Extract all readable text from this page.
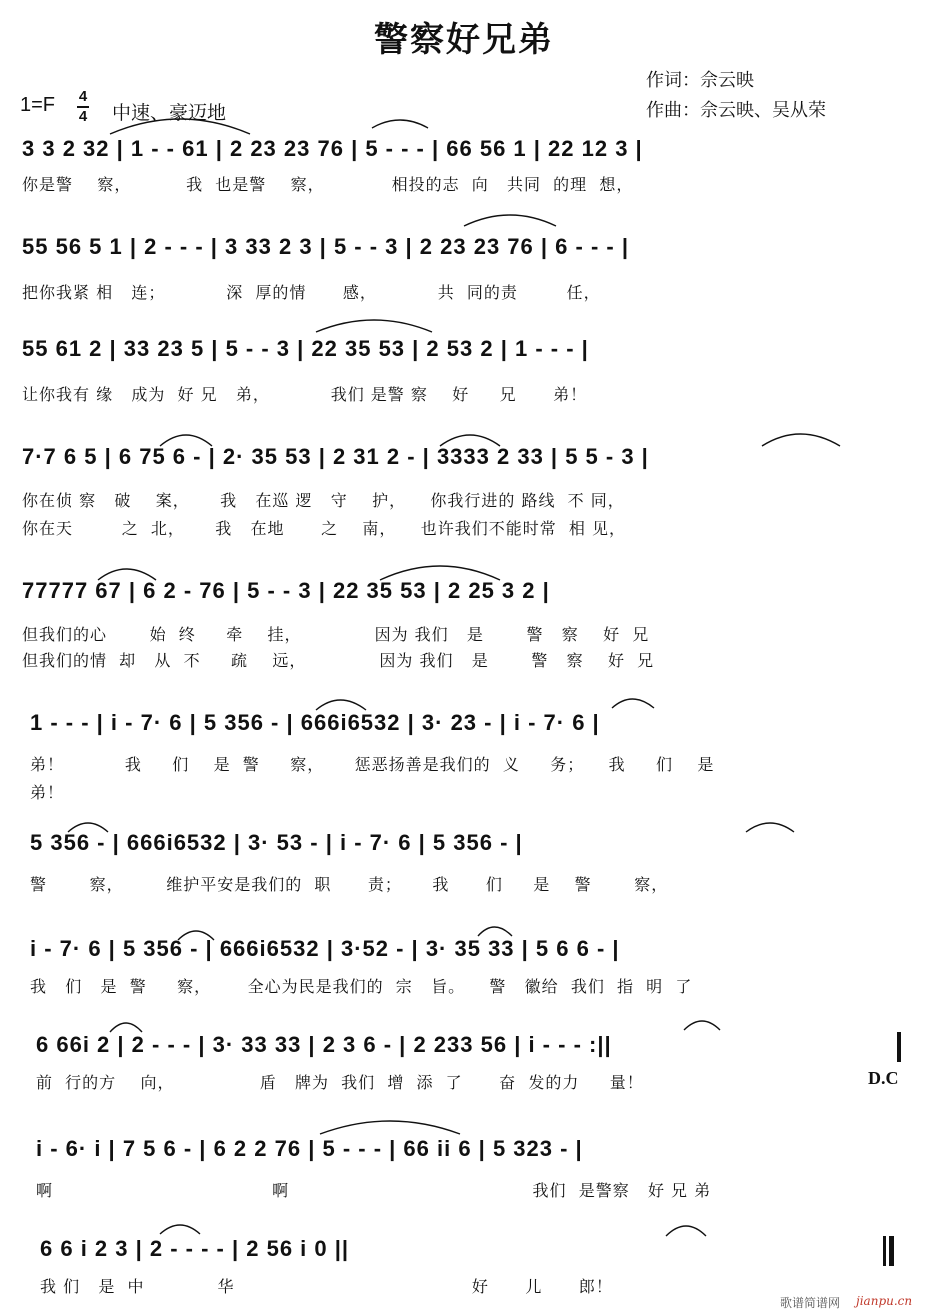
警察好兄弟
作词：佘云映
作曲：佘云映、吴从荣
1=F 4
4 中速、豪迈地
3 3 2 32 | 1 - - 61 | 2 23 23 76 | 5 - - - | 66 56 1 | 22 12 3 |
你是警    察，         我  也是警    察，           相投的志  向   共同  的理  想，
55 56 5 1 | 2 - - - | 3 33 2 3 | 5 - - 3 | 2 23 23 76 | 6 - - - |
把你我紧 相   连；          深  厚的情      感，          共  同的责        任，
55 61 2 | 33 23 5 | 5 - - 3 | 22 35 53 | 2 53 2 | 1 - - - |
让你我有 缘   成为  好 兄   弟，          我们 是警 察    好     兄      弟！
7·7 6 5 | 6 75 6 - | 2· 35 53 | 2 31 2 - | 3333 2 33 | 5 5 - 3 |
你在侦 察   破    案，     我   在巡 逻   守    护，    你我行进的 路线  不 同，
你在天        之  北，     我   在地      之    南，    也许我们不能时常  相 见，
77777 67 | 6 2 - 76 | 5 - - 3 | 22 35 53 | 2 25 3 2 |
但我们的心       始  终     牵    挂，            因为 我们   是       警   察    好  兄
但我们的情  却   从  不     疏    远，            因为 我们   是       警   察    好  兄
1 - - - | i - 7· 6 | 5 356 - | 666i6532 | 3· 23 - | i - 7· 6 |
弟！          我     们    是  警     察，     惩恶扬善是我们的  义     务；    我     们    是
弟！
5 356 - | 666i6532 | 3· 53 - | i - 7· 6 | 5 356 - |
警       察，       维护平安是我们的  职      责；     我      们     是    警       察，
i - 7· 6 | 5 356 - | 666i6532 | 3·52 - | 3· 35 33 | 5 6 6 - |
我   们   是  警     察，      全心为民是我们的  宗   旨。    警   徽给  我们  指  明  了
6 66i 2 | 2 - - - | 3· 33 33 | 2 3 6 - | 2 233 56 | i - - - :||
前  行的方    向，              盾   牌为  我们  增  添  了      奋  发的力     量！	D.C
i - 6· i | 7 5 6 - | 6 2 2 76 | 5 - - - | 66 ii 6 | 5 323 - |
啊                                    啊                                        我们  是警察   好 兄 弟
6 6 i 2 3 | 2 - - - - | 2 56 i 0 ||
我 们   是  中            华                                       好      儿      郎！
歌谱简谱网 jianpu.cn
